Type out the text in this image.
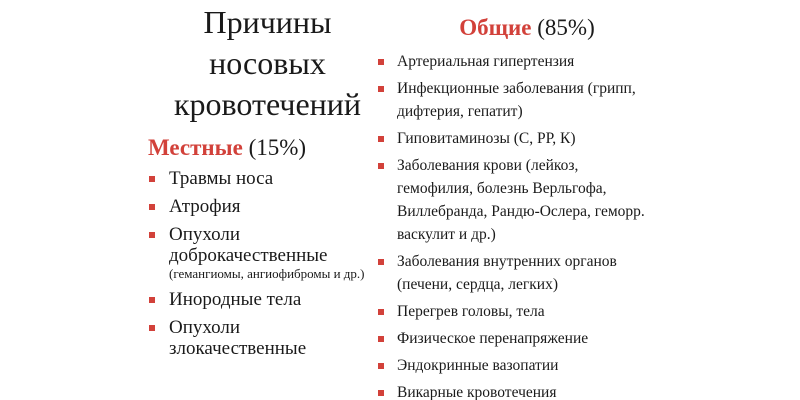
Причины
носовых
кровотечений
Местные (15%)
Травмы носа
Атрофия
Опухоли доброкачественные
(гемангиомы, ангиофибромы и др.)
Инородные тела
Опухоли злокачественные
Общие (85%)
Артериальная гипертензия
Инфекционные заболевания (грипп, дифтерия, гепатит)
Гиповитаминозы (С, РР, К)
Заболевания крови (лейкоз, гемофилия, болезнь Верльгофа, Виллебранда, Рандю-Ослера, геморр. васкулит и др.)
Заболевания внутренних органов (печени, сердца, легких)
Перегрев головы, тела
Физическое перенапряжение
Эндокринные вазопатии
Викарные кровотечения
